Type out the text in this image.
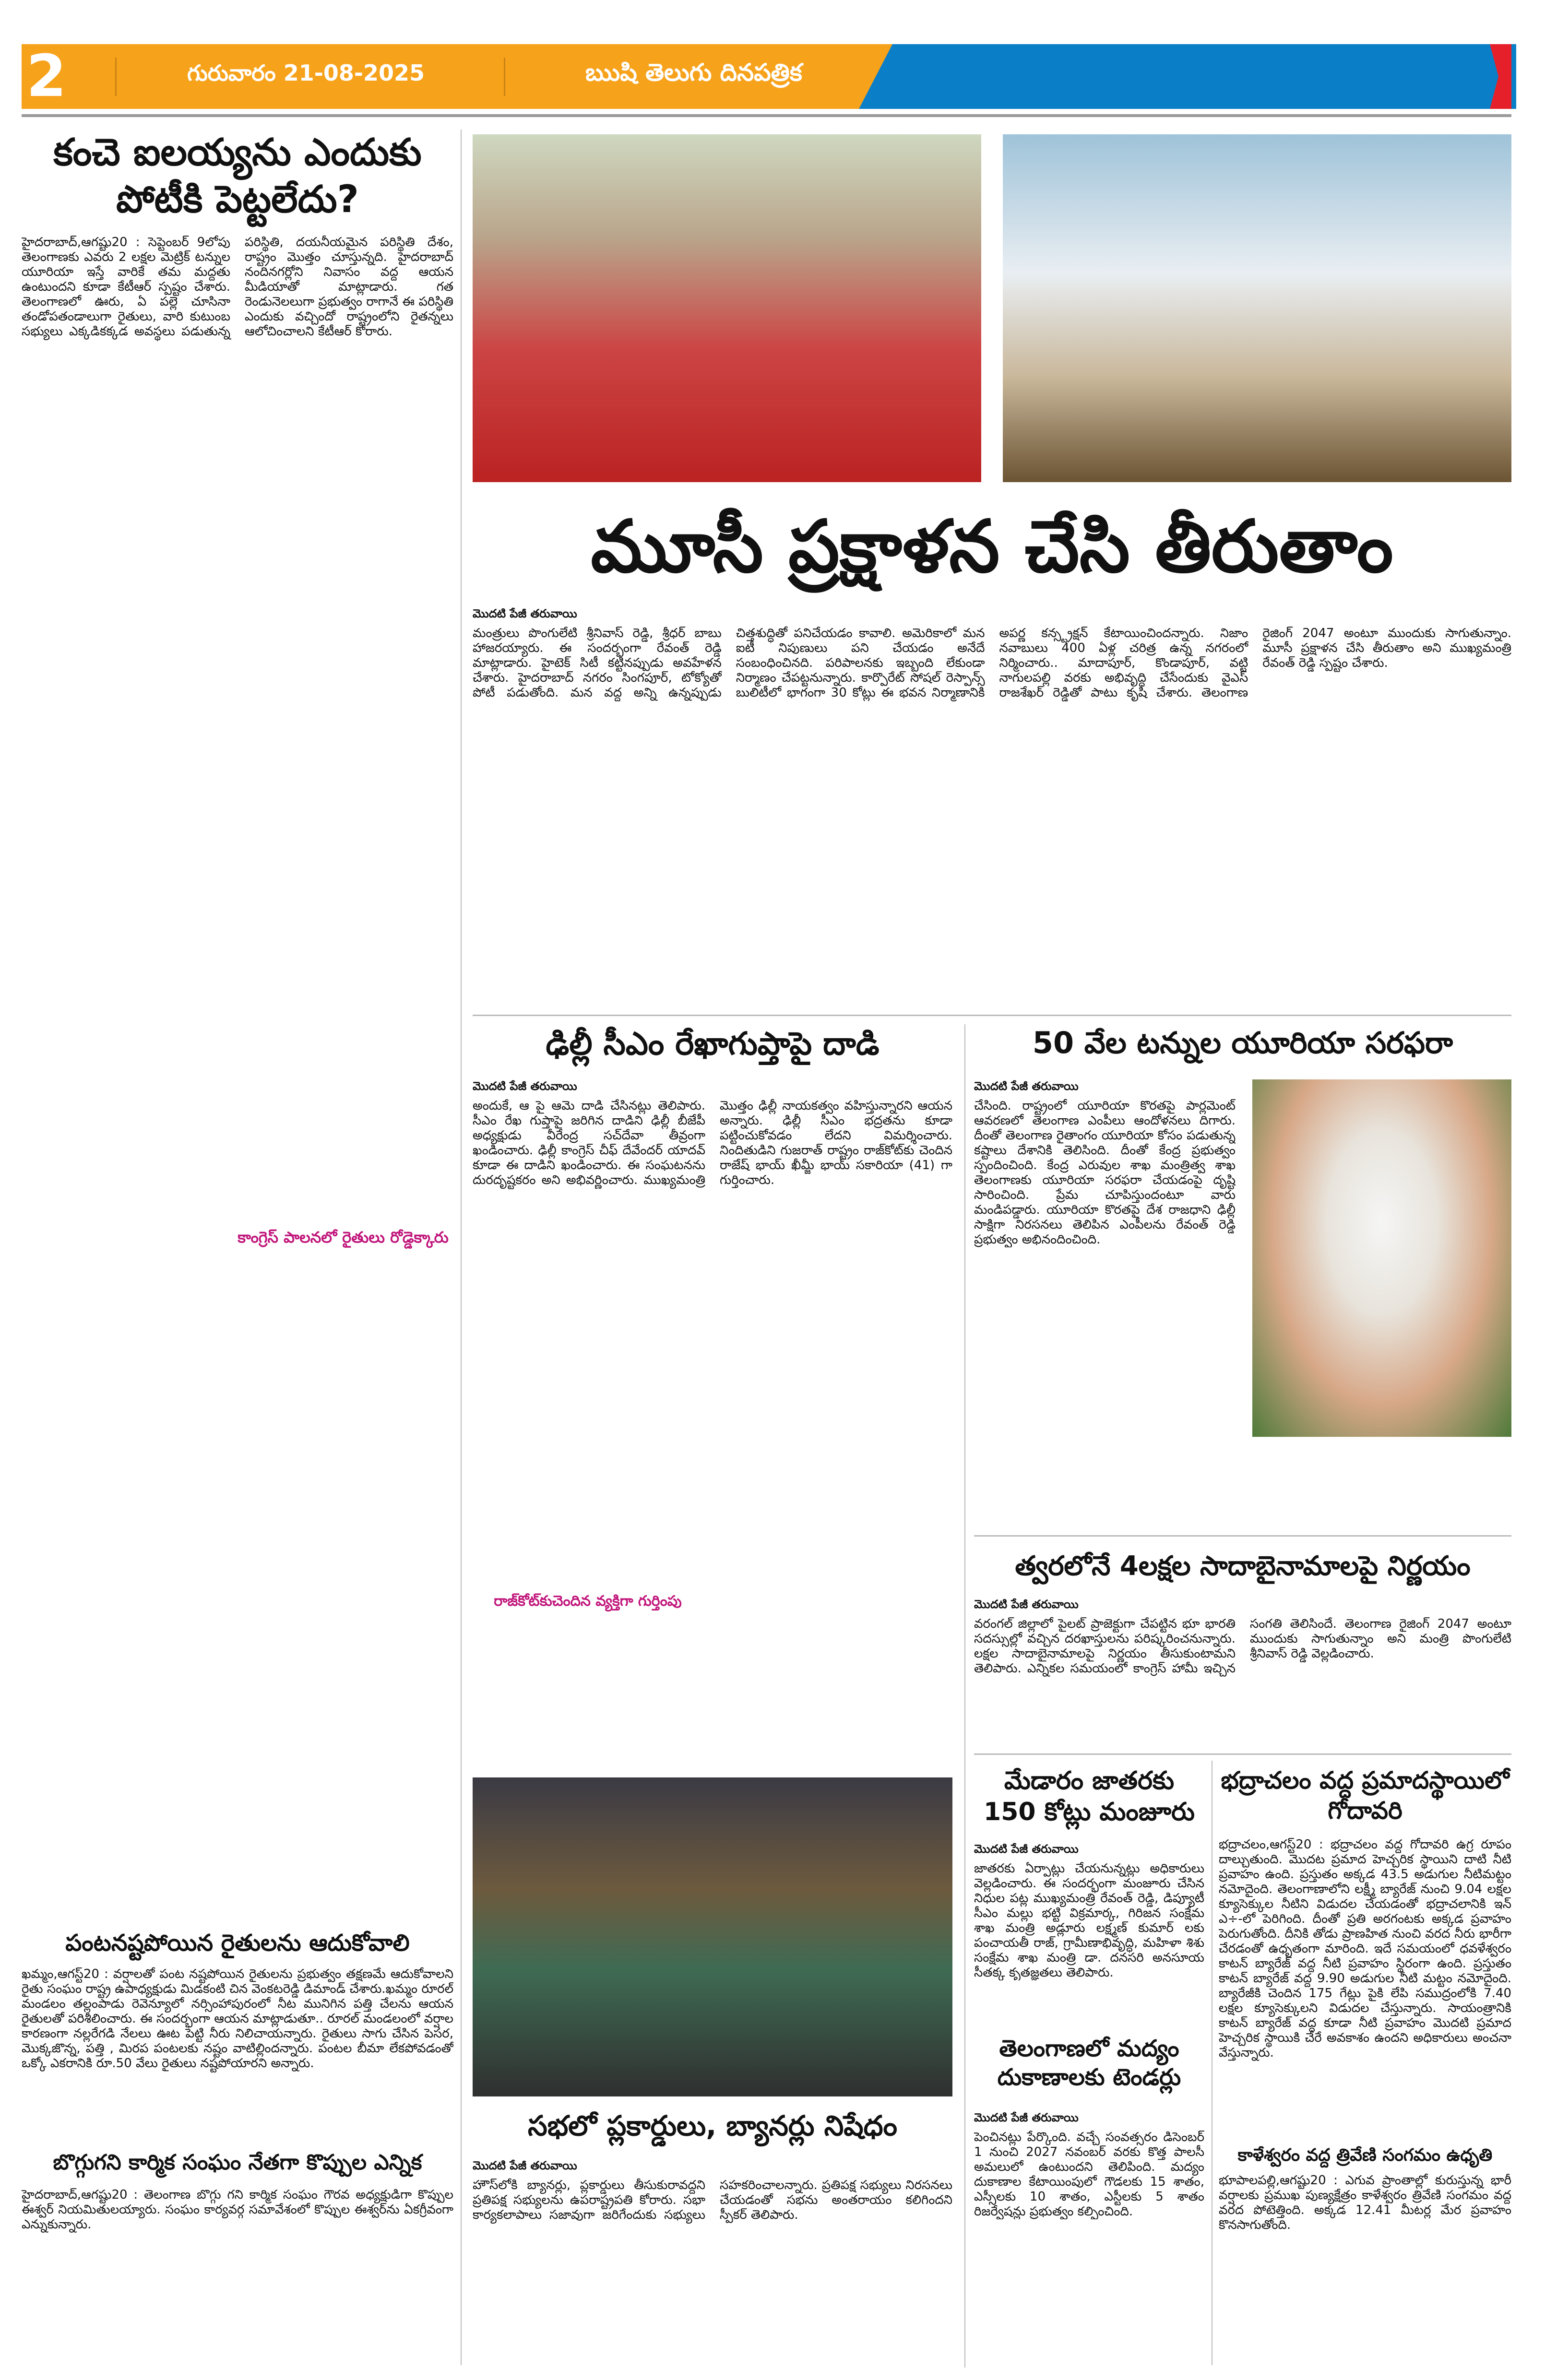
2	గురువారం 21-08-2025	ఋషి తెలుగు దినపత్రిక
కంచె ఐలయ్యను ఎందుకు పోటీకి పెట్టలేదు?
హైదరాబాద్,ఆగష్టు20 : సెప్టెంబర్ 9లోపు తెలంగాణకు ఎవరు 2 లక్షల మెట్రిక్ టన్నుల యూరియా ఇస్తే వారికే తమ మద్దతు ఉంటుందని కూడా కేటీఆర్ స్పష్టం చేశారు. తెలంగాణలో ఊరు, ఏ పల్లె చూసినా తండోపతండాలుగా రైతులు, వారి కుటుంబ సభ్యులు ఎక్కడికక్కడ అవస్థలు పడుతున్న పరిస్థితి, దయనీయమైన పరిస్థితి దేశం, రాష్ట్రం మొత్తం చూస్తున్నది. హైదరాబాద్ నందినగర్లోని నివాసం వద్ద ఆయన మీడియాతో మాట్లాడారు. గత రెండునెలలుగా ప్రభుత్వం రాగానే ఈ పరిస్థితి ఎందుకు వచ్చిందో రాష్ట్రంలోని రైతన్నలు ఆలోచించాలని కేటీఆర్ కోరారు.
కాంగ్రెస్ పాలనలో రైతులు రోడ్డెక్కారు
పంటనష్టపోయిన రైతులను ఆదుకోవాలి
ఖమ్మం,ఆగస్ట్20 : వర్షాలతో పంట నష్టపోయిన రైతులను ప్రభుత్వం తక్షణమే ఆదుకోవాలని రైతు సంఘం రాష్ట్ర ఉపాధ్యక్షుడు మిడకంటి చిన వెంకటరెడ్డి డిమాండ్ చేశారు.ఖమ్మం రూరల్ మండలం తల్లంపాడు రెవెన్యూలో నర్సింహాపురంలో నీట మునిగిన పత్తి చేలను ఆయన రైతులతో పరిశీలించారు. ఈ సందర్భంగా ఆయన మాట్లాడుతూ.. రూరల్ మండలంలో వర్షాల కారణంగా నల్లరేగడి నేలలు ఊట పెట్టి నీరు నిలిచాయన్నారు. రైతులు సాగు చేసిన పెసర, మొక్కజొన్న, పత్తి , మిరప పంటలకు నష్టం వాటిల్లిందన్నారు. పంటల బీమా లేకపోవడంతో ఒక్కో ఎకరానికి రూ.50 వేలు రైతులు నష్టపోయారని అన్నారు.
బొగ్గుగని కార్మిక సంఘం నేతగా కొప్పుల ఎన్నిక
హైదరాబాద్,ఆగష్టు20 : తెలంగాణ బొగ్గు గని కార్మిక సంఘం గౌరవ అధ్యక్షుడిగా కొప్పుల ఈశ్వర్ నియమితులయ్యారు. సంఘం కార్యవర్గ సమావేశంలో కొప్పుల ఈశ్వర్‌ను ఏకగ్రీవంగా ఎన్నుకున్నారు.
మూసీ ప్రక్షాళన చేసి తీరుతాం
మొదటి పేజీ తరువాయి
మంత్రులు పొంగులేటి శ్రీనివాస్ రెడ్డి, శ్రీధర్ బాబు హాజరయ్యారు. ఈ సందర్భంగా రేవంత్ రెడ్డి మాట్లాడారు. హైటెక్ సిటీ కట్టినప్పుడు అవహేళన చేశారు. హైదరాబాద్ నగరం సింగపూర్, టోక్యోతో పోటీ పడుతోంది. మన వద్ద అన్ని ఉన్నప్పుడు చిత్తశుద్ధితో పనిచేయడం కావాలి. అమెరికాలో మన ఐటీ నిపుణులు పని చేయడం అనేదే సంబంధించినది. పరిపాలనకు ఇబ్బంది లేకుండా నిర్మాణం చేపట్టనున్నారు. కార్పొరేట్ సోషల్ రెస్పాన్స్ బులిటీలో భాగంగా 30 కోట్లు ఈ భవన నిర్మాణానికి అపర్ణ కన్స్ట్రక్షన్ కేటాయించిందన్నారు. నిజాం నవాబులు 400 ఏళ్ల చరిత్ర ఉన్న నగరంలో నిర్మించారు.. మాదాపూర్, కొండాపూర్, వట్టి నాగులపల్లి వరకు అభివృద్ధి చేసేందుకు వైఎస్ రాజశేఖర్ రెడ్డితో పాటు కృషి చేశారు. తెలంగాణ రైజింగ్ 2047 అంటూ ముందుకు సాగుతున్నాం. మూసీ ప్రక్షాళన చేసి తీరుతాం అని ముఖ్యమంత్రి రేవంత్ రెడ్డి స్పష్టం చేశారు.
ఢిల్లీ సీఎం రేఖాగుప్తాపై దాడి
మొదటి పేజీ తరువాయి
అందుకే, ఆ పై ఆమె దాడి చేసినట్లు తెలిపారు. సీఎం రేఖ గుప్తాపై జరిగిన దాడిని ఢిల్లీ బీజేపీ అధ్యక్షుడు వీరేంద్ర సచ్‌దేవా తీవ్రంగా ఖండించారు. ఢిల్లీ కాంగ్రెస్ చీఫ్ దేవేందర్ యాదవ్ కూడా ఈ దాడిని ఖండించారు. ఈ సంఘటనను దురదృష్టకరం అని అభివర్ణించారు. ముఖ్యమంత్రి మొత్తం ఢిల్లీ నాయకత్వం వహిస్తున్నారని ఆయన అన్నారు. ఢిల్లీ సీఎం భద్రతను కూడా పట్టించుకోవడం లేదని విమర్శించారు. నిందితుడిని గుజరాత్ రాష్ట్రం రాజ్‌కోట్‌కు చెందిన రాజేష్ భాయ్ ఖీమ్జీ భాయ్ సకారియా (41) గా గుర్తించారు.
రాజ్‌కోట్‌కుచెందిన వ్యక్తిగా గుర్తింపు
50 వేల టన్నుల యూరియా సరఫరా
మొదటి పేజీ తరువాయి
చేసింది. రాష్ట్రంలో యూరియా కొరతపై పార్లమెంట్ ఆవరణలో తెలంగాణ ఎంపీలు ఆందోళనలు దిగారు. దీంతో తెలంగాణ రైతాంగం యూరియా కోసం పడుతున్న కష్టాలు దేశానికి తెలిసింది. దీంతో కేంద్ర ప్రభుత్వం స్పందించింది. కేంద్ర ఎరువుల శాఖ మంత్రిత్వ శాఖ తెలంగాణకు యూరియా సరఫరా చేయడంపై దృష్టి సారించింది. ప్రేమ చూపిస్తుందంటూ వారు మండిపడ్డారు. యూరియా కొరతపై దేశ రాజధాని ఢిల్లీ సాక్షిగా నిరసనలు తెలిపిన ఎంపీలను రేవంత్ రెడ్డి ప్రభుత్వం అభినందించింది.
త్వరలోనే 4లక్షల సాదాబైనామాలపై నిర్ణయం
మొదటి పేజీ తరువాయి
వరంగల్ జిల్లాలో పైలట్ ప్రాజెక్టుగా చేపట్టిన భూ భారతి సదస్సుల్లో వచ్చిన దరఖాస్తులను పరిష్కరించనున్నారు. లక్షల సాదాబైనామాలపై నిర్ణయం తీసుకుంటామని తెలిపారు. ఎన్నికల సమయంలో కాంగ్రెస్ హామీ ఇచ్చిన సంగతి తెలిసిందే. తెలంగాణ రైజింగ్ 2047 అంటూ ముందుకు సాగుతున్నాం అని మంత్రి పొంగులేటి శ్రీనివాస్ రెడ్డి వెల్లడించారు.
సభలో ప్లకార్డులు, బ్యానర్లు నిషేధం
మొదటి పేజీ తరువాయి
హౌస్‌లోకి బ్యానర్లు, ప్లకార్డులు తీసుకురావద్దని ప్రతిపక్ష సభ్యులను ఉపరాష్ట్రపతి కోరారు. సభా కార్యకలాపాలు సజావుగా జరిగేందుకు సభ్యులు సహకరించాలన్నారు. ప్రతిపక్ష సభ్యులు నిరసనలు చేయడంతో సభను అంతరాయం కలిగిందని స్పీకర్ తెలిపారు.
మేడారం జాతరకు 150 కోట్లు మంజూరు
మొదటి పేజీ తరువాయి
జాతరకు ఏర్పాట్లు చేయనున్నట్లు అధికారులు వెల్లడించారు. ఈ సందర్భంగా మంజూరు చేసిన నిధుల పట్ల ముఖ్యమంత్రి రేవంత్ రెడ్డి, డిప్యూటీ సీఎం మల్లు భట్టి విక్రమార్క, గిరిజన సంక్షేమ శాఖ మంత్రి అడ్లూరు లక్ష్మణ్ కుమార్ లకు పంచాయతీ రాజ్, గ్రామీణాభివృద్ధి, మహిళా శిశు సంక్షేమ శాఖ మంత్రి డా. దనసరి అనసూయ సీతక్క కృతజ్ఞతలు తెలిపారు.
తెలంగాణలో మద్యం దుకాణాలకు టెండర్లు
మొదటి పేజీ తరువాయి
పెంచినట్లు పేర్కొంది. వచ్చే సంవత్సరం డిసెంబర్ 1 నుంచి 2027 నవంబర్ వరకు కొత్త పాలసీ అమలులో ఉంటుందని తెలిపింది. మద్యం దుకాణాల కేటాయింపులో గౌడలకు 15 శాతం, ఎస్సీలకు 10 శాతం, ఎస్టీలకు 5 శాతం రిజర్వేషన్లు ప్రభుత్వం కల్పించింది.
భద్రాచలం వద్ద ప్రమాదస్థాయిలో గోదావరి
భద్రాచలం,ఆగస్ట్20 : భద్రాచలం వద్ద గోదావరి ఉగ్ర రూపం దాల్చుతుంది. మొదట ప్రమాద హెచ్చరిక స్థాయిని దాటి నీటి ప్రవాహం ఉంది. ప్రస్తుతం అక్కడ 43.5 అడుగుల నీటిమట్టం నమోదైంది. తెలంగాణాలోని లక్ష్మీ బ్యారేజ్ నుంచి 9.04 లక్షల క్యూసెక్కుల నీటిని విడుదల చేయడంతో భద్రాచలానికి ఇన్ ఎ÷-లో పెరిగింది. దీంతో ప్రతి అరగంటకు అక్కడ ప్రవాహం పెరుగుతోంది. దీనికి తోడు ప్రాణహిత నుంచి వరద నీరు భారీగా చేరడంతో ఉధృతంగా మారింది. ఇదే సమయంలో ధవళేశ్వరం కాటన్ బ్యారేజ్ వద్ద నీటి ప్రవాహం స్థిరంగా ఉంది. ప్రస్తుతం కాటన్ బ్యారేజ్ వద్ద 9.90 అడుగుల నీటి మట్టం నమోదైంది. బ్యారేజీకి చెందిన 175 గేట్లు పైకి లేపి సముద్రంలోకి 7.40 లక్షల క్యూసెక్కులని విడుదల చేస్తున్నారు. సాయంత్రానికి కాటన్ బ్యారేజ్ వద్ద కూడా నీటి ప్రవాహం మొదటి ప్రమాద హెచ్చరిక స్థాయికి చేరే అవకాశం ఉందని అధికారులు అంచనా వేస్తున్నారు.
కాళేశ్వరం వద్ద త్రివేణి సంగమం ఉధృతి
భూపాలపల్లి,ఆగష్టు20 : ఎగువ ప్రాంతాల్లో కురుస్తున్న భారీ వర్షాలకు ప్రముఖ పుణ్యక్షేత్రం కాళేశ్వరం త్రివేణి సంగమం వద్ద వరద పోటెత్తింది. అక్కడ 12.41 మీటర్ల మేర ప్రవాహం కొనసాగుతోంది.
